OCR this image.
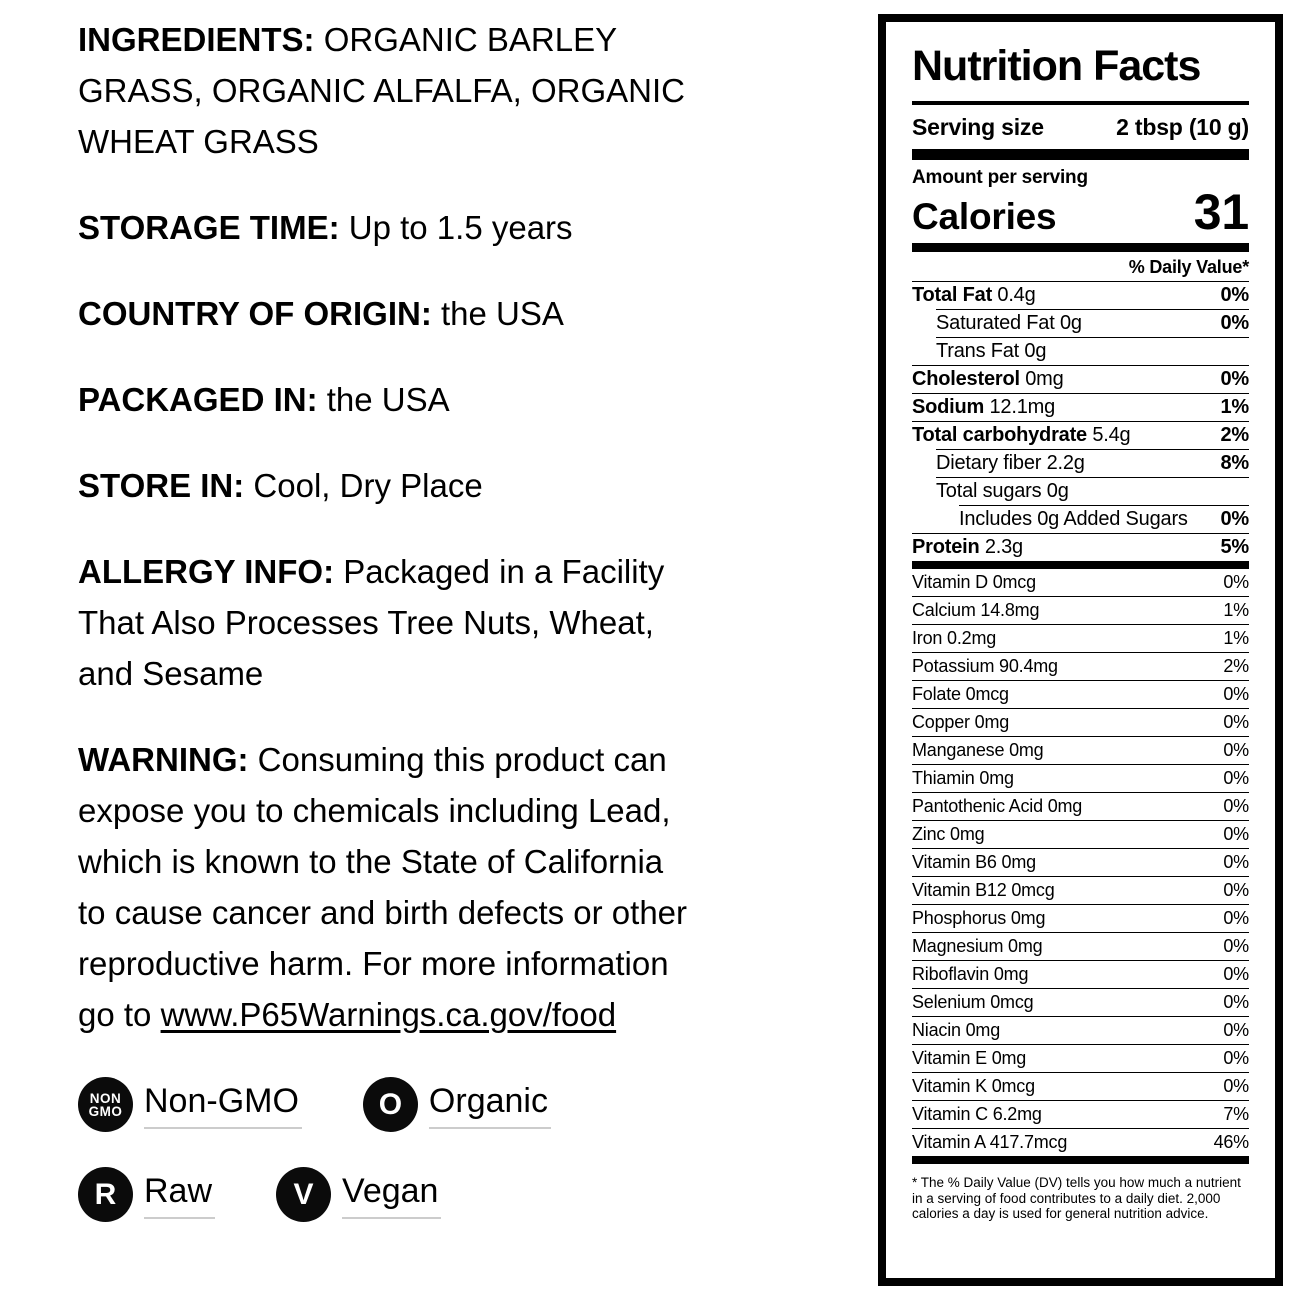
INGREDIENTS: ORGANIC BARLEY
GRASS, ORGANIC ALFALFA, ORGANIC
WHEAT GRASS

STORAGE TIME: Up to 1.5 years

COUNTRY OF ORIGIN: the USA

PACKAGED IN: the USA

STORE IN: Cool, Dry Place

ALLERGY INFO: Packaged in a Facility
That Also Processes Tree Nuts, Wheat,
and Sesame

WARNING: Consuming this product can
expose you to chemicals including Lead,
which is known to the State of California
to cause cancer and birth defects or other
reproductive harm. For more information
go to www.P65Warnings.ca.gov/food

NON
GMO Non-GMO	O Organic
R Raw	V Vegan
Nutrition Facts
Serving size	2 tbsp (10 g)
Amount per serving
Calories	31
% Daily Value*
Total Fat 0.4g	0%
Saturated Fat 0g	0%
Trans Fat 0g
Cholesterol 0mg	0%
Sodium 12.1mg	1%
Total carbohydrate 5.4g	2%
Dietary fiber 2.2g	8%
Total sugars 0g
Includes 0g Added Sugars 0%
Protein 2.3g	5%
Vitamin D 0mcg	0%
Calcium 14.8mg	1%
Iron 0.2mg	1%
Potassium 90.4mg	2%
Folate 0mcg	0%
Copper 0mg	0%
Manganese 0mg	0%
Thiamin 0mg	0%
Pantothenic Acid 0mg	0%
Zinc 0mg	0%
Vitamin B6 0mg	0%
Vitamin B12 0mcg	0%
Phosphorus 0mg	0%
Magnesium 0mg	0%
Riboflavin 0mg	0%
Selenium 0mcg	0%
Niacin 0mg	0%
Vitamin E 0mg	0%
Vitamin K 0mcg	0%
Vitamin C 6.2mg	7%
Vitamin A 417.7mcg	46%

* The % Daily Value (DV) tells you how much a nutrient in a serving of food contributes to a daily diet. 2,000 calories a day is used for general nutrition advice.
